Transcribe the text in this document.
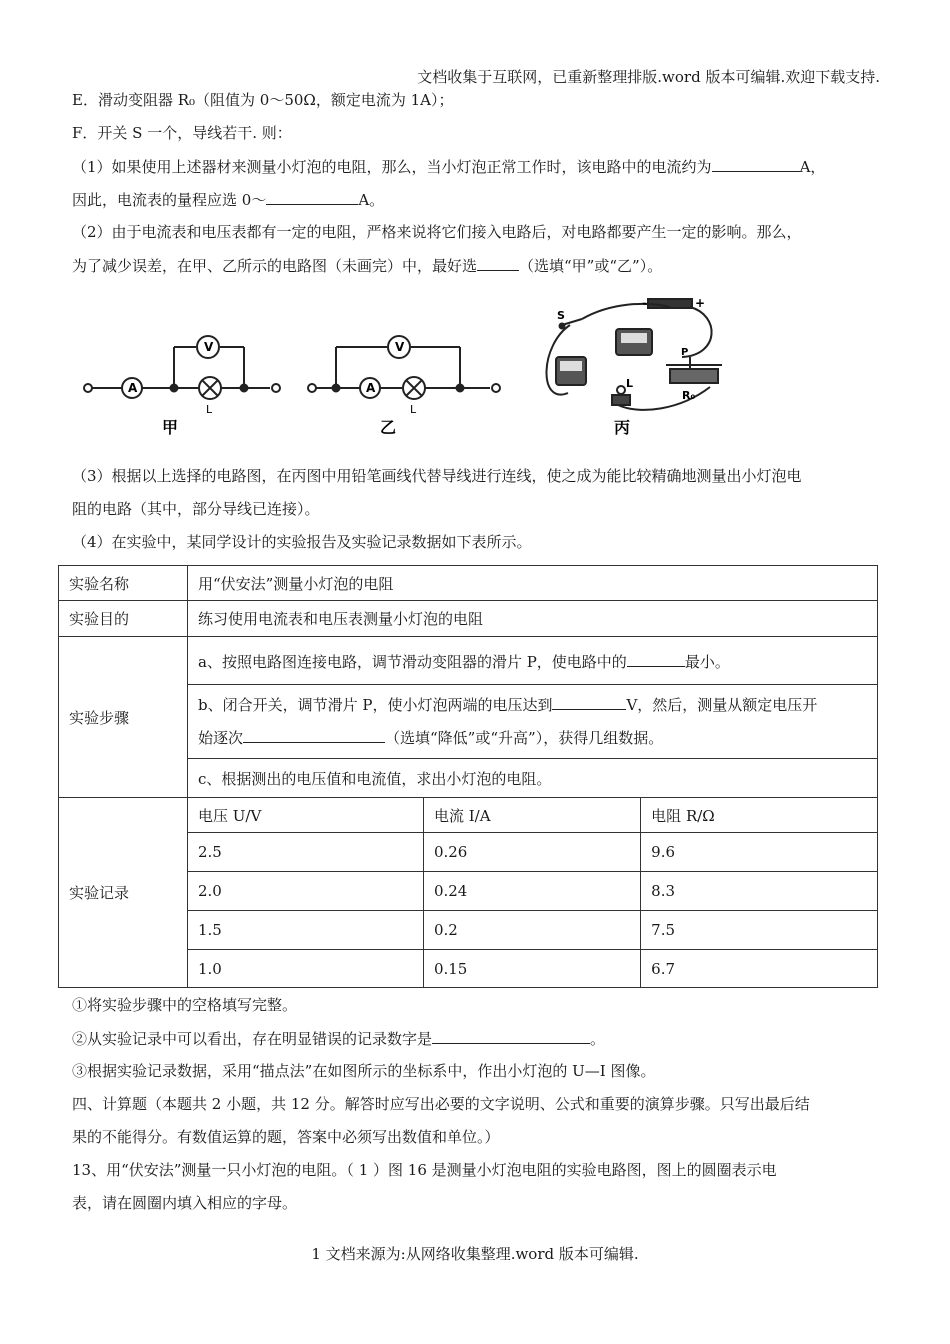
文档收集于互联网，已重新整理排版.word 版本可编辑.欢迎下载支持.
E．滑动变阻器 R₀（阻值为 0～50Ω，额定电流为 1A）；
F．开关 S 一个，导线若干. 则：
（1）如果使用上述器材来测量小灯泡的电阻，那么，当小灯泡正常工作时，该电路中的电流约为	A，
因此，电流表的量程应选 0～	A。
（2）由于电流表和电压表都有一定的电阻，严格来说将它们接入电路后，对电路都要产生一定的影响。那么，
为了减少误差，在甲、乙所示的电路图（未画完）中，最好选	（选填“甲”或“乙”）。
A
V
L
甲
A
V
L
乙
S
L
P
R₀
-	+
丙
（3）根据以上选择的电路图，在丙图中用铅笔画线代替导线进行连线，使之成为能比较精确地测量出小灯泡电
阻的电路（其中，部分导线已连接）。
（4）在实验中，某同学设计的实验报告及实验记录数据如下表所示。
实验名称	用“伏安法”测量小灯泡的电阻		
实验目的	练习使用电流表和电压表测量小灯泡的电阻		
实验步骤	a、按照电路图连接电路，调节滑动变阻器的滑片 P，使电路中的 最小。		
	b、闭合开关，调节滑片 P，使小灯泡两端的电压达到 V，然后，测量从额定电压开
始逐次 （选填“降低”或“升高”），获得几组数据。		
	c、根据测出的电压值和电流值，求出小灯泡的电阻。		
实验记录	电压 U/V	电流 I/A	电阻 R/Ω
	2.5	0.26	9.6
	2.0	0.24	8.3
	1.5	0.2	7.5
	1.0	0.15	6.7
①将实验步骤中的空格填写完整。
②从实验记录中可以看出，存在明显错误的记录数字是	。
③根据实验记录数据，采用“描点法”在如图所示的坐标系中，作出小灯泡的 U—I 图像。
四、计算题（本题共 2 小题，共 12 分。解答时应写出必要的文字说明、公式和重要的演算步骤。只写出最后结
果的不能得分。有数值运算的题，答案中必须写出数值和单位。）
13、用“伏安法”测量一只小灯泡的电阻。（ 1 ）图 16 是测量小灯泡电阻的实验电路图，图上的圆圈表示电
表，请在圆圈内填入相应的字母。
1 文档来源为:从网络收集整理.word 版本可编辑.
